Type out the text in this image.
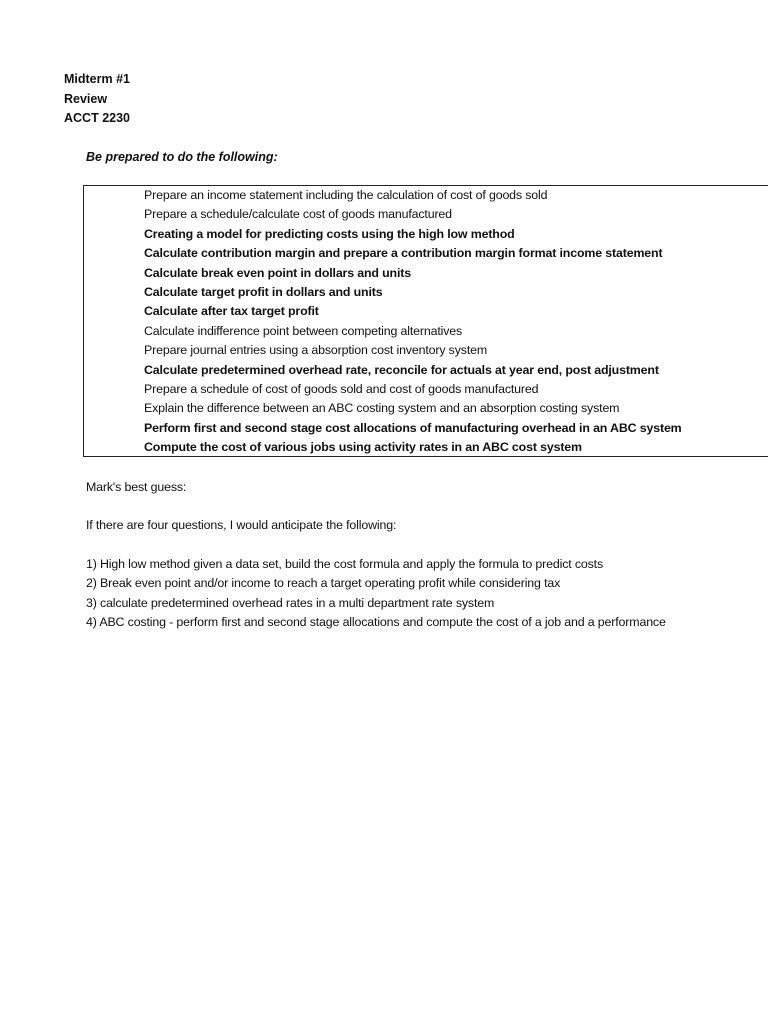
Midterm #1
Review
ACCT 2230
Be prepared to do the following:
Prepare an income statement including the calculation of cost of goods sold
Prepare a schedule/calculate cost of goods manufactured
Creating a model for predicting costs using the high low method
Calculate contribution margin and prepare a contribution margin format income statement
Calculate break even point in dollars and units
Calculate target profit in dollars and units
Calculate after tax target profit
Calculate indifference point between competing alternatives
Prepare journal entries using a absorption cost inventory system
Calculate predetermined overhead rate, reconcile for actuals at year end, post adjustment
Prepare a schedule of cost of goods sold and cost of goods manufactured
Explain the difference between an ABC costing system and an absorption costing system
Perform first and second stage cost allocations of manufacturing overhead in an ABC system
Compute the cost of various jobs using activity rates in an ABC cost system
Mark's best guess:
If there are four questions, I would anticipate the following:
1) High low method given a data set, build the cost formula and apply the formula to predict costs
2) Break even point and/or income to reach a target operating profit while considering tax
3) calculate predetermined overhead rates in a multi department rate system
4) ABC costing - perform first and second stage allocations and compute the cost of a job and a performance
